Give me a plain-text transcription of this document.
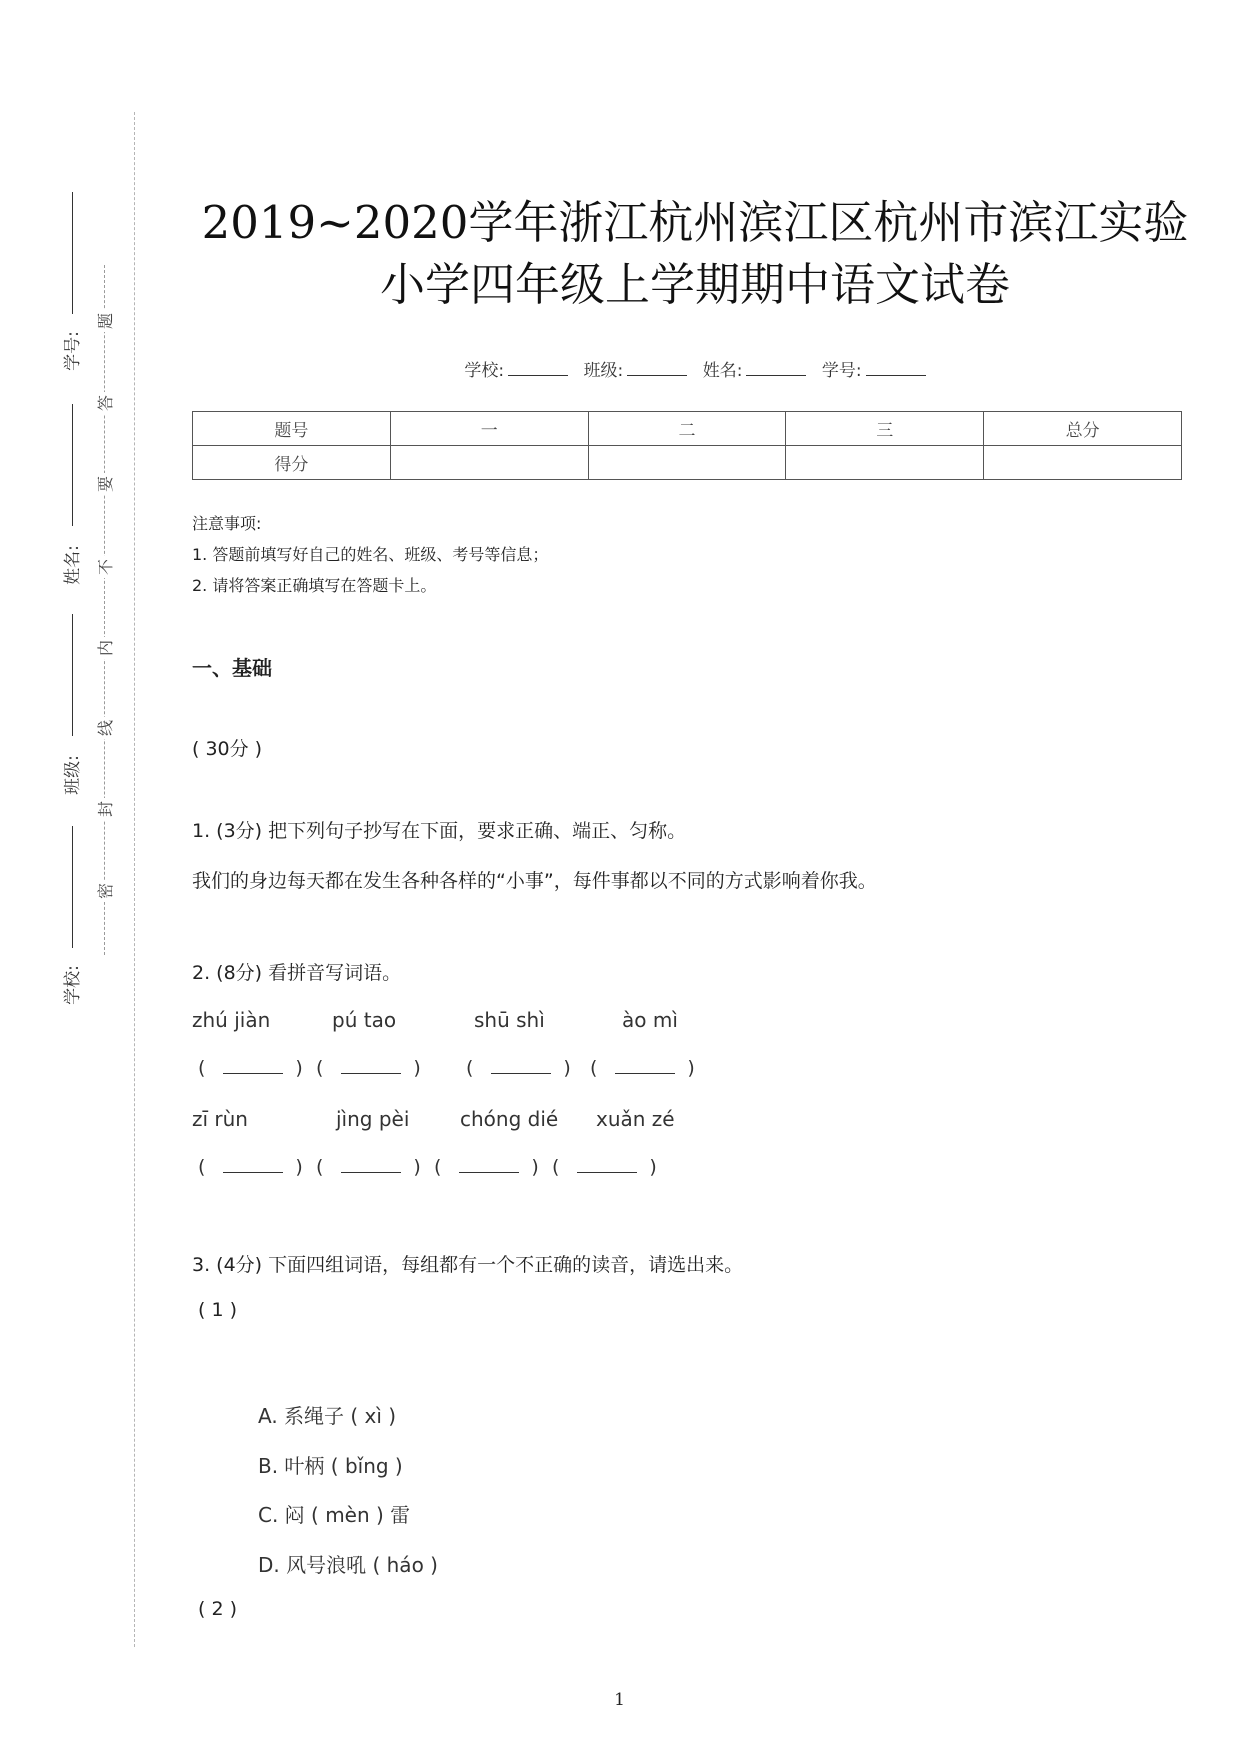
题
答
要
不
内
线
封
密
学号:
姓名:
班级:
学校:
2019~2020学年浙江杭州滨江区杭州市滨江实验
小学四年级上学期期中语文试卷
学校:	班级:	姓名:	学号:
题号	一	二	三	总分
得分				
注意事项:
1. 答题前填写好自己的姓名、班级、考号等信息；
2. 请将答案正确填写在答题卡上。
一、基础
( 30分 )
1. (3分) 把下列句子抄写在下面，要求正确、端正、匀称。
我们的身边每天都在发生各种各样的“小事”，每件事都以不同的方式影响着你我。
2. (8分) 看拼音写词语。
zhú jiàn	pú tao	shū shì	ào mì
(	) (	) (	) (	)
zī rùn	jìng pèi	chóng dié xuǎn zé
(	) (	) (	) (	)
3. (4分) 下面四组词语，每组都有一个不正确的读音，请选出来。
( 1 )
A. 系绳子 ( xì )
B. 叶柄 ( bǐng )
C. 闷 ( mèn ) 雷
D. 风号浪吼 ( háo )
( 2 )
1
